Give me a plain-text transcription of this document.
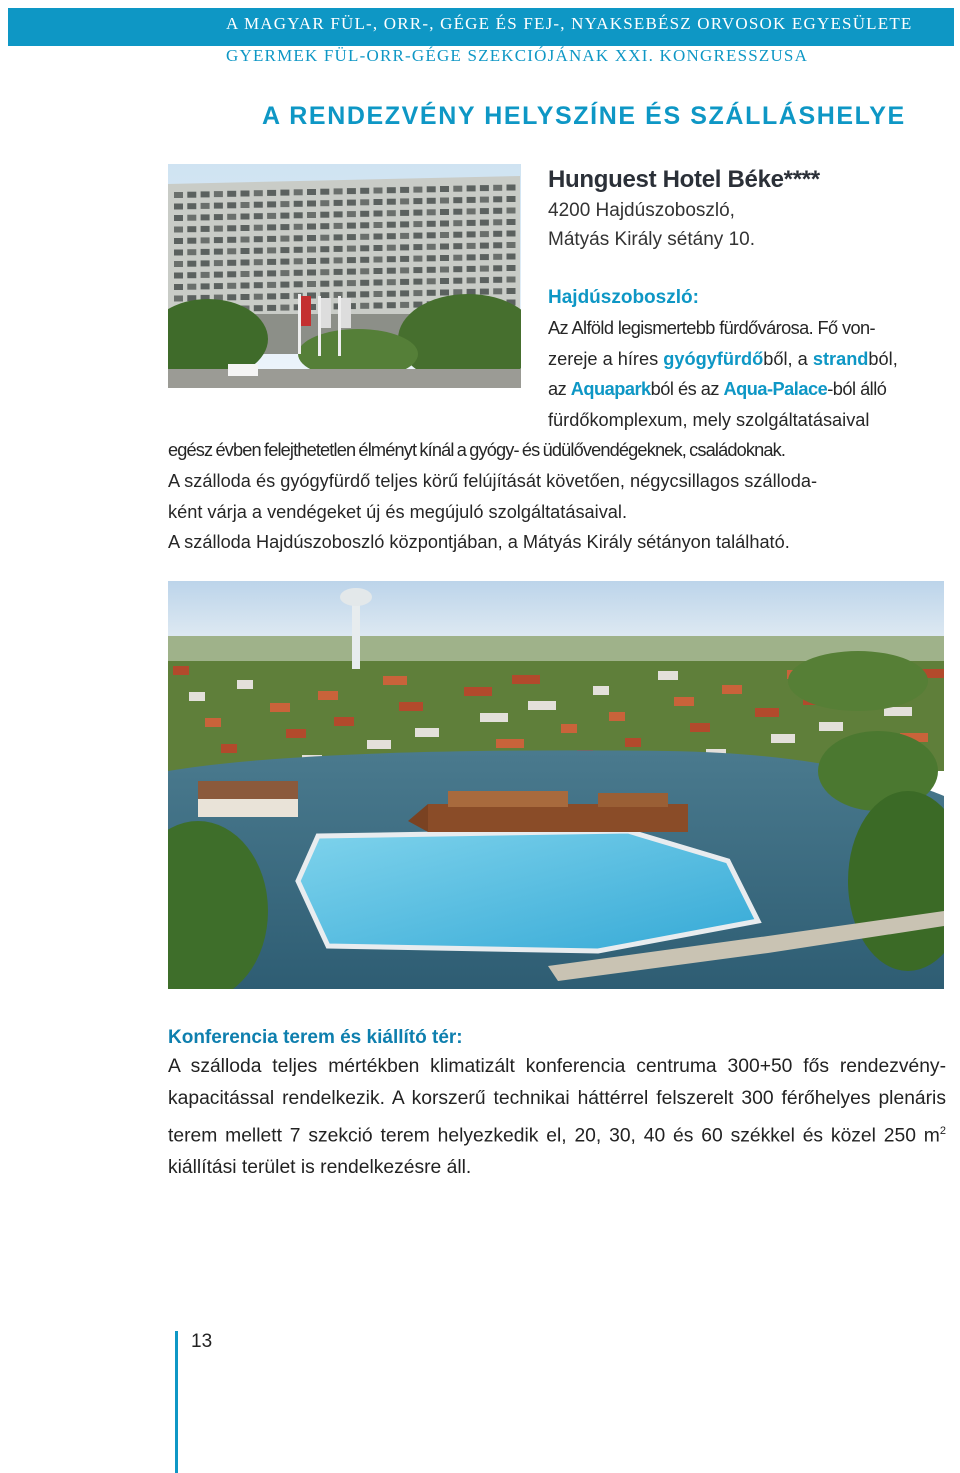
A MAGYAR FÜL-, ORR-, GÉGE ÉS FEJ-, NYAKSEBÉSZ ORVOSOK EGYESÜLETE
GYERMEK FÜL-ORR-GÉGE SZEKCIÓJÁNAK XXI. KONGRESSZUSA
A RENDEZVÉNY HELYSZÍNE ÉS SZÁLLÁSHELYE
Hunguest Hotel Béke****
4200 Hajdúszoboszló,
Mátyás Király sétány 10.
Hajdúszoboszló:
Az Alföld legismertebb fürdővárosa. Fő von-
zereje a híres gyógyfürdőből, a strandból,
az Aquaparkból és az Aqua-Palace-ból álló
fürdőkomplexum, mely szolgáltatásaival
egész évben felejthetetlen élményt kínál a gyógy- és üdülővendégeknek, családoknak.
A szálloda és gyógyfürdő teljes körű felújítását követően, négycsillagos szálloda-
ként várja a vendégeket új és megújuló szolgáltatásaival.
A szálloda Hajdúszoboszló központjában, a Mátyás Király sétányon található.
Konferencia terem és kiállító tér:
A szálloda teljes mértékben klimatizált konferencia centruma 300+50 fős rendezvény-kapacitással rendelkezik. A korszerű technikai háttérrel felszerelt 300 férőhelyes plenáris terem mellett 7 szekció terem helyezkedik el, 20, 30, 40 és 60 székkel és közel 250 $m^2$ kiállítási terület is rendelkezésre áll.
13
